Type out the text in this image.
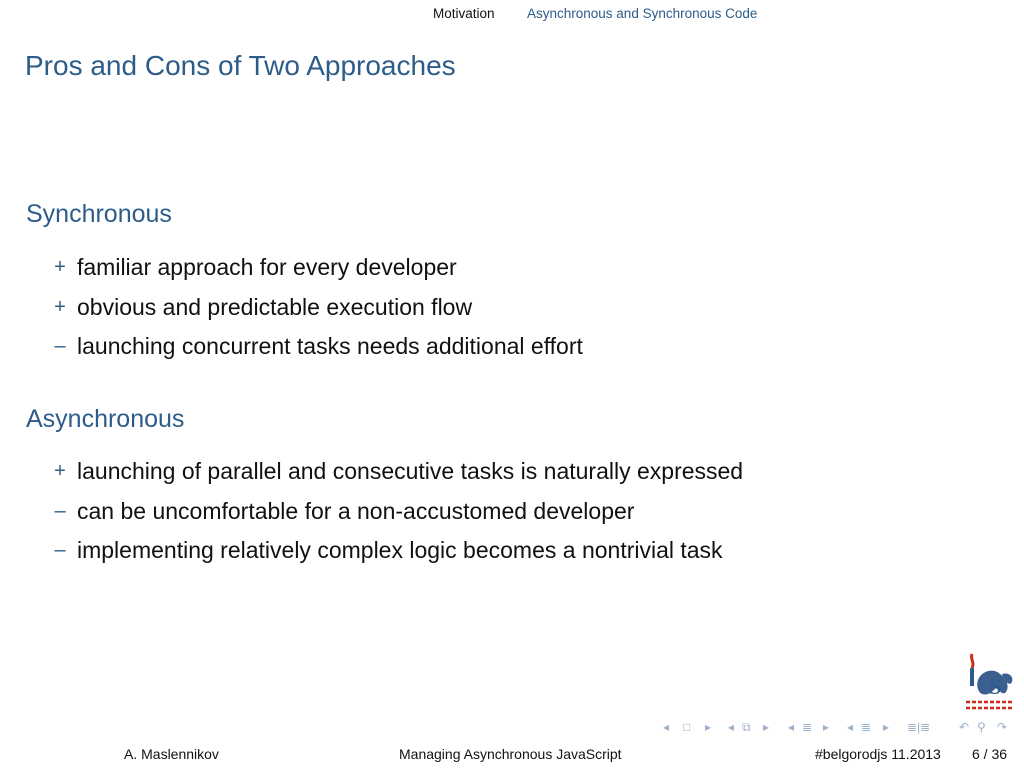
Motivation Asynchronous and Synchronous Code
Pros and Cons of Two Approaches
Synchronous
+ familiar approach for every developer
+ obvious and predictable execution flow
– launching concurrent tasks needs additional effort
Asynchronous
+ launching of parallel and consecutive tasks is naturally expressed
– can be uncomfortable for a non-accustomed developer
– implementing relatively complex logic becomes a nontrivial task
S
◂ □ ▸ ◂ ⧉ ▸ ◂ ≣ ▸ ◂ ≣ ▸ ≣|≣ ↶ ⚲ ↷
A. Maslennikov	Managing Asynchronous JavaScript	#belgorodjs 11.2013 6 / 36
